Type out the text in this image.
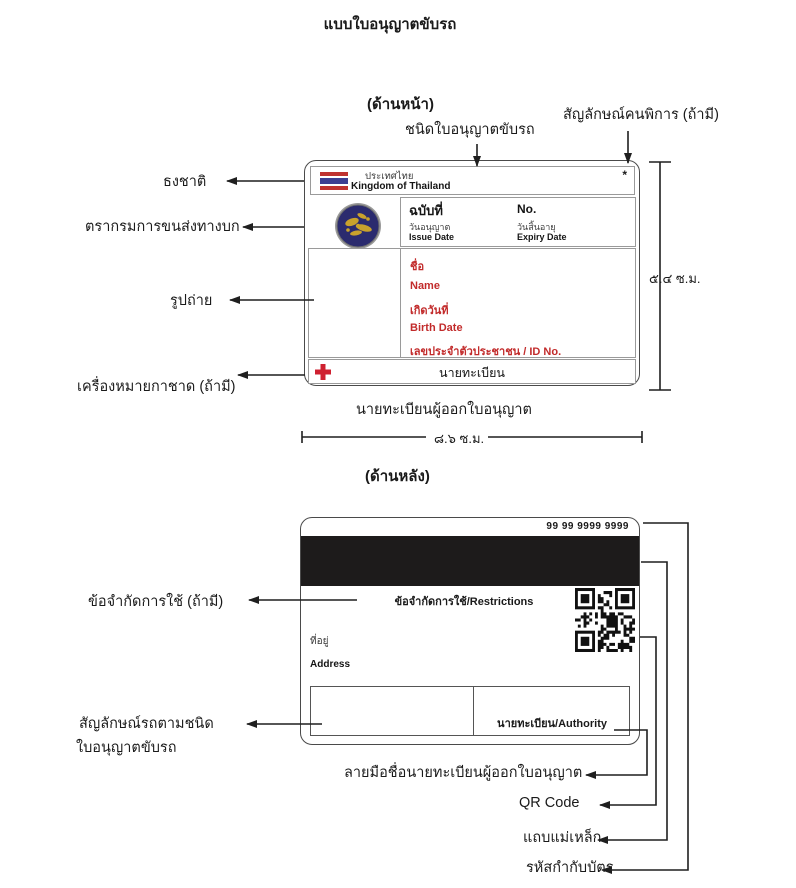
แบบใบอนุญาตขับรถ
(ด้านหน้า)
ชนิดใบอนุญาตขับรถ
สัญลักษณ์คนพิการ (ถ้ามี)
ธงชาติ
ตรากรมการขนส่งทางบก
รูปถ่าย
เครื่องหมายกาชาด (ถ้ามี)
ประเทศไทย
Kingdom of Thailand
*
ฉบับที่	No.
วันอนุญาต	วันสิ้นอายุ
Issue Date	Expiry Date
ชื่อ
Name
เกิดวันที่
Birth Date
เลขประจำตัวประชาชน / ID No.
นายทะเบียน
๕.๔ ซ.ม.
นายทะเบียนผู้ออกใบอนุญาต
๘.๖ ซ.ม.
(ด้านหลัง)
ข้อจำกัดการใช้ (ถ้ามี)
สัญลักษณ์รถตามชนิด
ใบอนุญาตขับรถ
99 99 9999 9999
ข้อจำกัดการใช้/Restrictions
ที่อยู่
Address
นายทะเบียน/Authority
ลายมือชื่อนายทะเบียนผู้ออกใบอนุญาต
QR Code
แถบแม่เหล็ก
รหัสกำกับบัตร
